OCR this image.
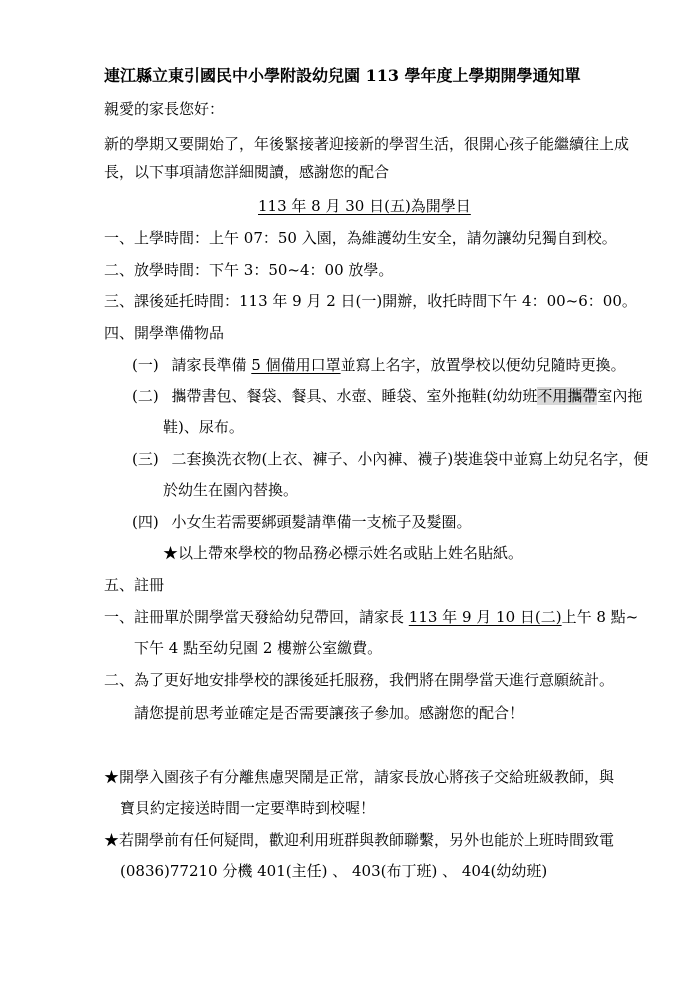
連江縣立東引國民中小學附設幼兒園 113 學年度上學期開學通知單
親愛的家長您好：
新的學期又要開始了，年後緊接著迎接新的學習生活，很開心孩子能繼續往上成
長，以下事項請您詳細閱讀，感謝您的配合
113 年 8 月 30 日(五)為開學日
一、上學時間：上午 07：50 入園，為維護幼生安全，請勿讓幼兒獨自到校。
二、放學時間：下午 3：50~4：00 放學。
三、課後延托時間：113 年 9 月 2 日(一)開辦，收托時間下午 4：00~6：00。
四、開學準備物品
(一) 請家長準備 5 個備用口罩並寫上名字，放置學校以便幼兒隨時更換。
(二) 攜帶書包、餐袋、餐具、水壺、睡袋、室外拖鞋(幼幼班不用攜帶室內拖
鞋)、尿布。
(三) 二套換洗衣物(上衣、褲子、小內褲、襪子)裝進袋中並寫上幼兒名字，便
於幼生在園內替換。
(四) 小女生若需要綁頭髮請準備一支梳子及髮圈。
★以上帶來學校的物品務必標示姓名或貼上姓名貼紙。
五、註冊
一、註冊單於開學當天發給幼兒帶回，請家長 113 年 9 月 10 日(二)上午 8 點~
下午 4 點至幼兒園 2 樓辦公室繳費。
二、為了更好地安排學校的課後延托服務，我們將在開學當天進行意願統計。
請您提前思考並確定是否需要讓孩子參加。感謝您的配合！
★開學入園孩子有分離焦慮哭鬧是正常，請家長放心將孩子交給班級教師，與
寶貝約定接送時間一定要準時到校喔！
★若開學前有任何疑問，歡迎利用班群與教師聯繫，另外也能於上班時間致電
(0836)77210 分機 401(主任) 、 403(布丁班) 、 404(幼幼班)
